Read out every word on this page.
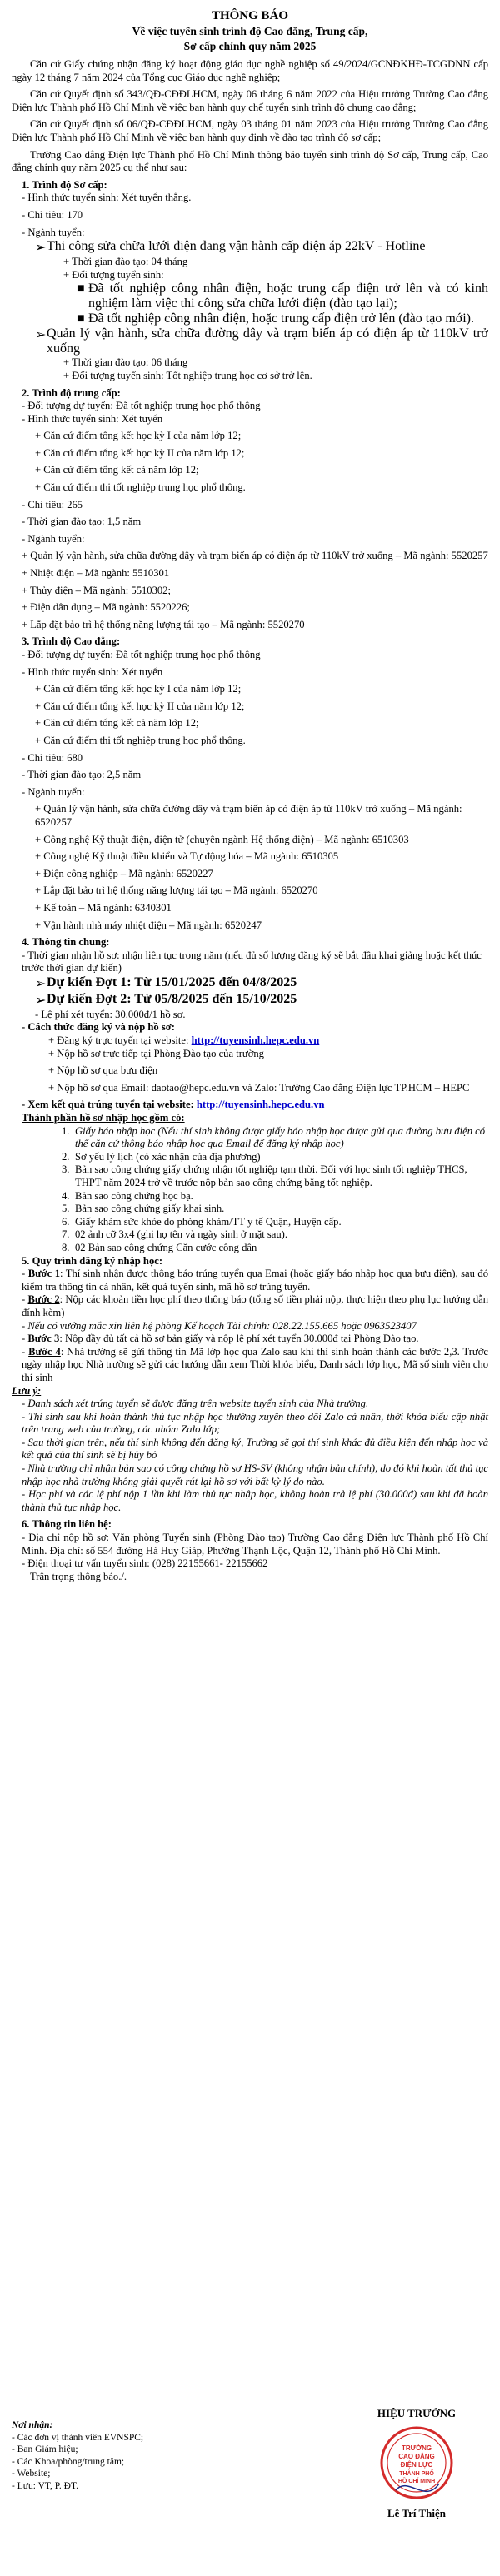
THÔNG BÁO

Về việc tuyển sinh trình độ Cao đẳng, Trung cấp,

Sơ cấp chính quy năm 2025

Căn cứ Giấy chứng nhận đăng ký hoạt động giáo dục nghề nghiệp số 49/2024/GCNĐKHĐ-TCGDNN cấp ngày 12 tháng 7 năm 2024 của Tổng cục Giáo dục nghề nghiệp;

Căn cứ Quyết định số 343/QĐ-CĐĐLHCM, ngày 06 tháng 6 năm 2022 của Hiệu trưởng Trường Cao đẳng Điện lực Thành phố Hồ Chí Minh về việc ban hành quy chế tuyển sinh trình độ chung cao đẳng;

Căn cứ Quyết định số 06/QĐ-CĐĐLHCM, ngày 03 tháng 01 năm 2023 của Hiệu trưởng Trường Cao đẳng Điện lực Thành phố Hồ Chí Minh về việc ban hành quy định về đào tạo trình độ sơ cấp;

Trường Cao đẳng Điện lực Thành phố Hồ Chí Minh thông báo tuyển sinh trình độ Sơ cấp, Trung cấp, Cao đẳng chính quy năm 2025 cụ thể như sau:

1. Trình độ Sơ cấp:

- Hình thức tuyển sinh: Xét tuyển thẳng.

- Chỉ tiêu: 170

- Ngành tuyển:

➢ Thi công sửa chữa lưới điện đang vận hành cấp điện áp 22kV - Hotline

+ Thời gian đào tạo: 04 tháng

+ Đối tượng tuyển sinh:

■ Đã tốt nghiệp công nhân điện, hoặc trung cấp điện trở lên và có kinh nghiệm làm việc thi công sửa chữa lưới điện (đào tạo lại);
■ Đã tốt nghiệp công nhân điện, hoặc trung cấp điện trở lên (đào tạo mới).
➢ Quản lý vận hành, sửa chữa đường dây và trạm biến áp có điện áp từ 110kV trở xuống

+ Thời gian đào tạo: 06 tháng

+ Đối tượng tuyển sinh: Tốt nghiệp trung học cơ sở trở lên.

2. Trình độ trung cấp:

- Đối tượng dự tuyển: Đã tốt nghiệp trung học phổ thông

- Hình thức tuyển sinh: Xét tuyển

+ Căn cứ điểm tổng kết học kỳ I của năm lớp 12;

+ Căn cứ điểm tổng kết học kỳ II của năm lớp 12;

+ Căn cứ điểm tổng kết cả năm lớp 12;

+ Căn cứ điểm thi tốt nghiệp trung học phổ thông.

- Chỉ tiêu: 265

- Thời gian đào tạo: 1,5 năm

- Ngành tuyển:

+ Quản lý vận hành, sửa chữa đường dây và trạm biến áp có điện áp từ 110kV trở xuống – Mã ngành: 5520257

+ Nhiệt điện – Mã ngành: 5510301

+ Thủy điện – Mã ngành: 5510302;

+ Điện dân dụng – Mã ngành: 5520226;

+ Lắp đặt bảo trì hệ thống năng lượng tái tạo – Mã ngành: 5520270

3. Trình độ Cao đẳng:

- Đối tượng dự tuyển: Đã tốt nghiệp trung học phổ thông

- Hình thức tuyển sinh: Xét tuyển

+ Căn cứ điểm tổng kết học kỳ I của năm lớp 12;

+ Căn cứ điểm tổng kết học kỳ II của năm lớp 12;

+ Căn cứ điểm tổng kết cả năm lớp 12;

+ Căn cứ điểm thi tốt nghiệp trung học phổ thông.

- Chỉ tiêu: 680

- Thời gian đào tạo: 2,5 năm

- Ngành tuyển:

+ Quản lý vận hành, sửa chữa đường dây và trạm biến áp có điện áp từ 110kV trở xuống – Mã ngành: 6520257

+ Công nghệ Kỹ thuật điện, điện tử (chuyên ngành Hệ thống điện) – Mã ngành: 6510303

+ Công nghệ Kỹ thuật điều khiển và Tự động hóa – Mã ngành: 6510305

+ Điện công nghiệp – Mã ngành: 6520227

+ Lắp đặt bảo trì hệ thống năng lượng tái tạo – Mã ngành: 6520270

+ Kế toán – Mã ngành: 6340301

+ Vận hành nhà máy nhiệt điện – Mã ngành: 6520247

4. Thông tin chung:

- Thời gian nhận hồ sơ: nhận liên tục trong năm (nếu đủ số lượng đăng ký sẽ bắt đầu khai giảng hoặc kết thúc trước thời gian dự kiến)

➢ Dự kiến Đợt 1: Từ 15/01/2025 đến 04/8/2025
➢ Dự kiến Đợt 2: Từ 05/8/2025 đến 15/10/2025

- Lệ phí xét tuyển: 30.000đ/1 hồ sơ.

- Cách thức đăng ký và nộp hồ sơ:

+ Đăng ký trực tuyến tại website: http://tuyensinh.hepc.edu.vn

+ Nộp hồ sơ trực tiếp tại Phòng Đào tạo của trường

+ Nộp hồ sơ qua bưu điện

+ Nộp hồ sơ qua Email: daotao@hepc.edu.vn và Zalo: Trường Cao đẳng Điện lực TP.HCM – HEPC

- Xem kết quả trúng tuyển tại website: http://tuyensinh.hepc.edu.vn

Thành phần hồ sơ nhập học gồm có:

1. Giấy báo nhập học (Nếu thí sinh không được giấy báo nhập học được gửi qua đường bưu điện có thể căn cứ thông báo nhập học qua Email để đăng ký nhập học)
2. Sơ yếu lý lịch (có xác nhận của địa phương)
3. Bản sao công chứng giấy chứng nhận tốt nghiệp tạm thời. Đối với học sinh tốt nghiệp THCS, THPT năm 2024 trở về trước nộp bản sao công chứng bằng tốt nghiệp.
4. Bản sao công chứng học bạ.
5. Bản sao công chứng giấy khai sinh.
6. Giấy khám sức khỏe do phòng khám/TT y tế Quận, Huyện cấp.
7. 02 ảnh cỡ 3x4 (ghi họ tên và ngày sinh ở mặt sau).
8. 02 Bản sao công chứng Căn cước công dân

5. Quy trình đăng ký nhập học:

- Bước 1: Thí sinh nhận được thông báo trúng tuyển qua Emai (hoặc giấy báo nhập học qua bưu điện), sau đó kiểm tra thông tin cá nhân, kết quả tuyển sinh, mã hồ sơ trúng tuyển.

- Bước 2: Nộp các khoản tiền học phí theo thông báo (tổng số tiền phải nộp, thực hiện theo phụ lục hướng dẫn đính kèm)

- Nếu có vướng mắc xin liên hệ phòng Kế hoạch Tài chính: 028.22.155.665 hoặc 0963523407

- Bước 3: Nộp đầy đủ tất cả hồ sơ bản giấy và nộp lệ phí xét tuyển 30.000đ tại Phòng Đào tạo.

- Bước 4: Nhà trường sẽ gửi thông tin Mã lớp học qua Zalo sau khi thí sinh hoàn thành các bước 2,3. Trước ngày nhập học Nhà trường sẽ gửi các hướng dẫn xem Thời khóa biểu, Danh sách lớp học, Mã số sinh viên cho thí sinh

Lưu ý:

- Danh sách xét trúng tuyển sẽ được đăng trên website tuyển sinh của Nhà trường.

- Thí sinh sau khi hoàn thành thủ tục nhập học thường xuyên theo dõi Zalo cá nhân, thời khóa biểu cập nhật trên trang web của trường, các nhóm Zalo lớp;

- Sau thời gian trên, nếu thí sinh không đến đăng ký, Trường sẽ gọi thí sinh khác đủ điều kiện đến nhập học và kết quả của thí sinh sẽ bị hủy bỏ

- Nhà trường chỉ nhận bản sao có công chứng hồ sơ HS-SV (không nhận bản chính), do đó khi hoàn tất thủ tục nhập học nhà trường không giải quyết rút lại hồ sơ với bất kỳ lý do nào.

- Học phí và các lệ phí nộp 1 lần khi làm thủ tục nhập học, không hoàn trả lệ phí (30.000đ) sau khi đã hoàn thành thủ tục nhập học.

6. Thông tin liên hệ:

- Địa chỉ nộp hồ sơ: Văn phòng Tuyển sinh (Phòng Đào tạo) Trường Cao đẳng Điện lực Thành phố Hồ Chí Minh. Địa chỉ: số 554 đường Hà Huy Giáp, Phường Thạnh Lộc, Quận 12, Thành phố Hồ Chí Minh.

- Điện thoại tư vấn tuyển sinh: (028) 22155661- 22155662

Trân trọng thông báo./.

Nơi nhận:

- Các đơn vị thành viên EVNSPC;

- Ban Giám hiệu;

- Các Khoa/phòng/trung tâm;

- Website;

- Lưu: VT, P. ĐT.

HIỆU TRƯỞNG
TRƯỜNG
CAO ĐẲNG
ĐIỆN LỰC
THÀNH PHỐ
HỒ CHÍ MINH
Lê Trí Thiện
